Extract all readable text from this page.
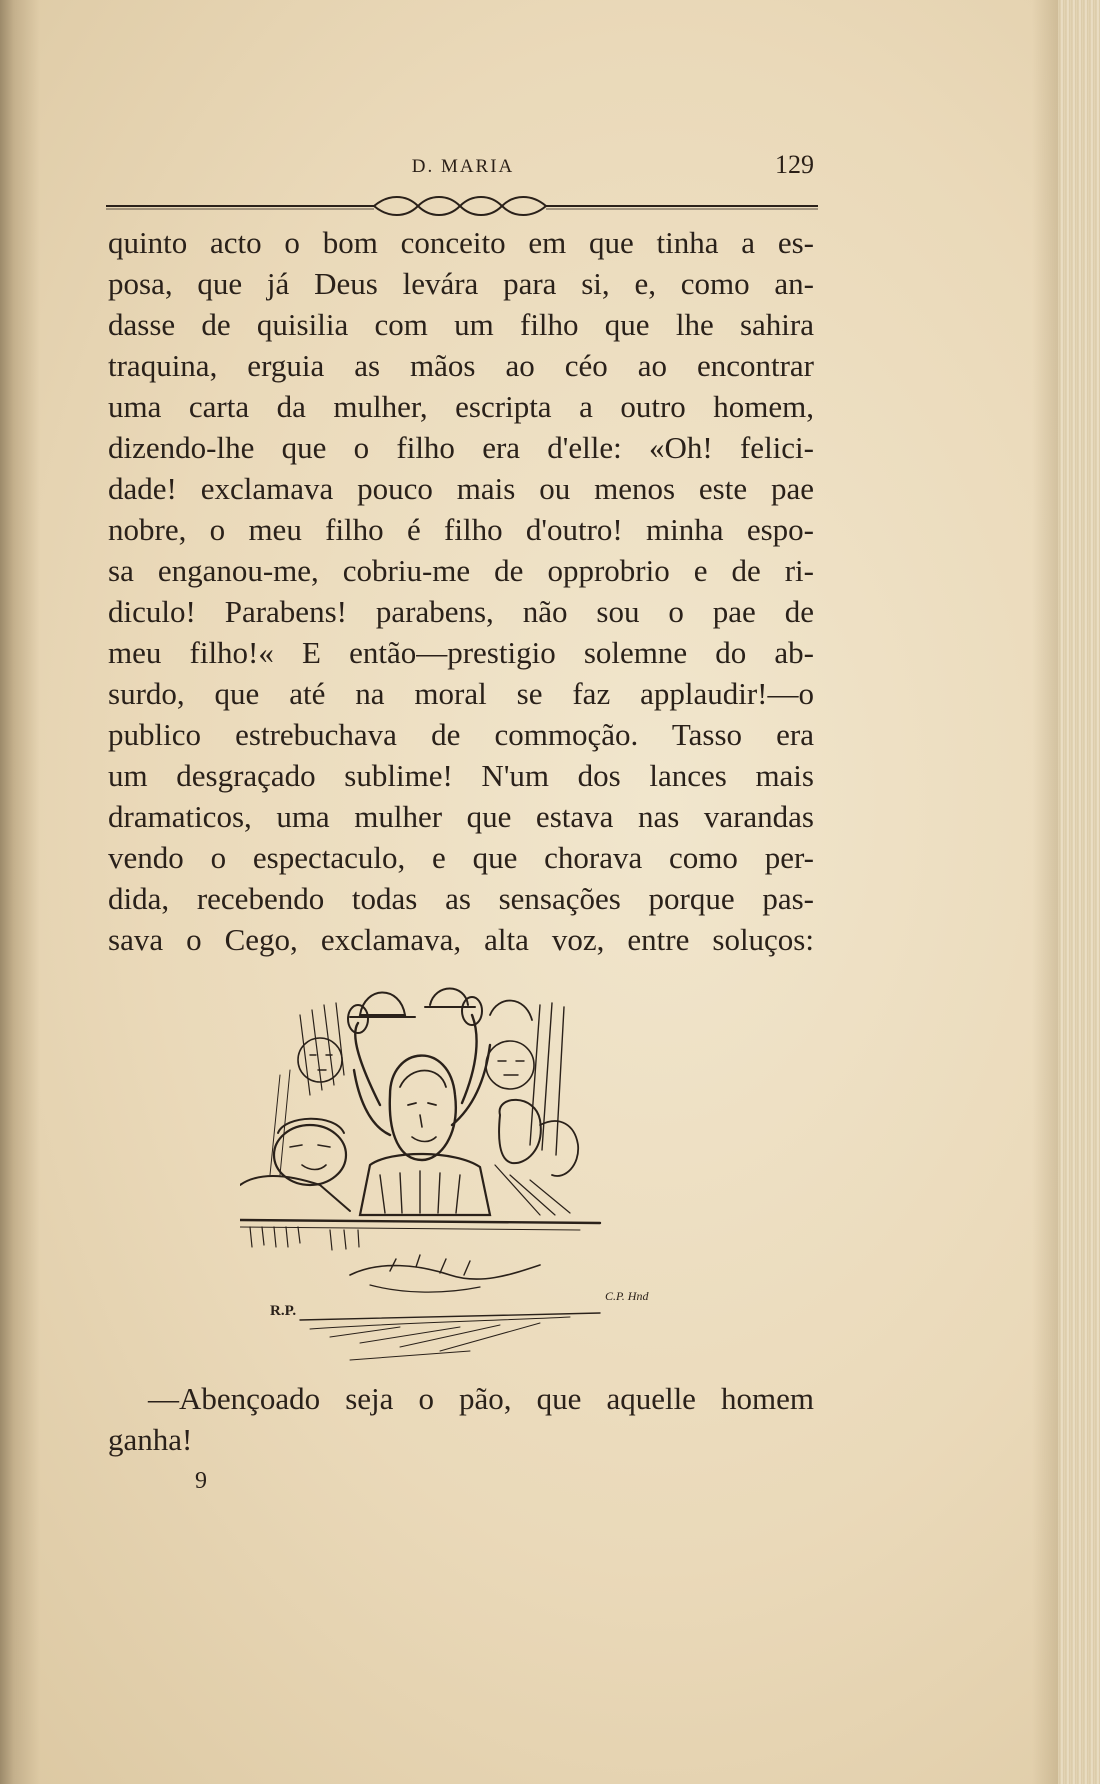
D. MARIA	129
quinto acto o bom conceito em que tinha a es-
posa, que já Deus levára para si, e, como an-
dasse de quisilia com um filho que lhe sahira
traquina, erguia as mãos ao céo ao encontrar
uma carta da mulher, escripta a outro homem,
dizendo-lhe que o filho era d'elle: «Oh! felici-
dade! exclamava pouco mais ou menos este pae
nobre, o meu filho é filho d'outro! minha espo-
sa enganou-me, cobriu-me de opprobrio e de ri-
diculo! Parabens! parabens, não sou o pae de
meu filho!« E então—prestigio solemne do ab-
surdo, que até na moral se faz applaudir!—o
publico estrebuchava de commoção. Tasso era
um desgraçado sublime! N'um dos lances mais
dramaticos, uma mulher que estava nas varandas
vendo o espectaculo, e que chorava como per-
dida, recebendo todas as sensações porque pas-
sava o Cego, exclamava, alta voz, entre soluços:
R.P.
C.P. Hnd
—Abençoado seja o pão, que aquelle homem
ganha!
9
